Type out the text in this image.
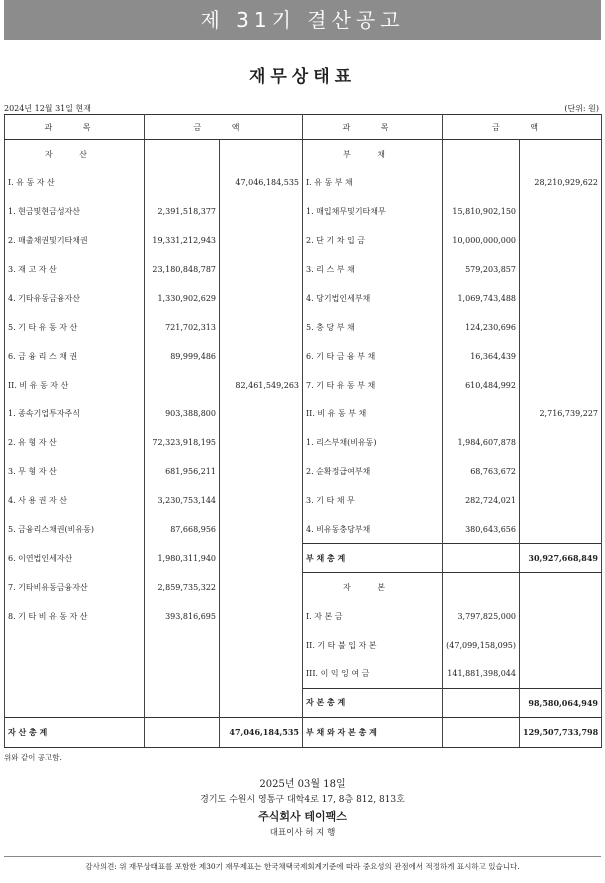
제 31기 결산공고
재무상태표
2024년 12월 31일 현재	(단위: 원)
과 목	금 액		과 목	금 액	
자 산			부 채		
I. 유 동 자 산		47,046,184,535	I. 유 동 부 채		28,210,929,622
1. 현금및현금성자산	2,391,518,377		1. 매입채무및기타채무	15,810,902,150	
2. 매출채권및기타채권	19,331,212,943		2. 단 기 차 입 금	10,000,000,000	
3. 재 고 자 산	23,180,848,787		3. 리 스 부 채	579,203,857	
4. 기타유동금융자산	1,330,902,629		4. 당기법인세부채	1,069,743,488	
5. 기 타 유 동 자 산	721,702,313		5. 충 당 부 채	124,230,696	
6. 금 융 리 스 채 권	89,999,486		6. 기 타 금 융 부 채	16,364,439	
II. 비 유 동 자 산		82,461,549,263	7. 기 타 유 동 부 채	610,484,992	
1. 종속기업투자주식	903,388,800		II. 비 유 동 부 채		2,716,739,227
2. 유 형 자 산	72,323,918,195		1. 리스부채(비유동)	1,984,607,878	
3. 무 형 자 산	681,956,211		2. 순확정급여부채	68,763,672	
4. 사 용 권 자 산	3,230,753,144		3. 기 타 채 무	282,724,021	
5. 금융리스채권(비유동)	87,668,956		4. 비유동충당부채	380,643,656	
6. 이연법인세자산	1,980,311,940		부 채 총 계		30,927,668,849
7. 기타비유동금융자산	2,859,735,322		자 본		
8. 기 타 비 유 동 자 산	393,816,695		I. 자 본 금	3,797,825,000	
			II. 기 타 불 입 자 본	(47,099,158,095)	
			III. 이 익 잉 여 금	141,881,398,044	
			자 본 총 계		98,580,064,949
자 산 총 계		47,046,184,535	부 채 와 자 본 총 계		129,507,733,798
위와 같이 공고함.
2025년 03월 18일
경기도 수원시 영통구 대학4로 17, 8층 812, 813호
주식회사 테이팩스
대표이사 허 지 행
감사의견: 위 재무상태표를 포함한 제30기 재무제표는 한국채택국제회계기준에 따라 중요성의 관점에서 적정하게 표시하고 있습니다.
